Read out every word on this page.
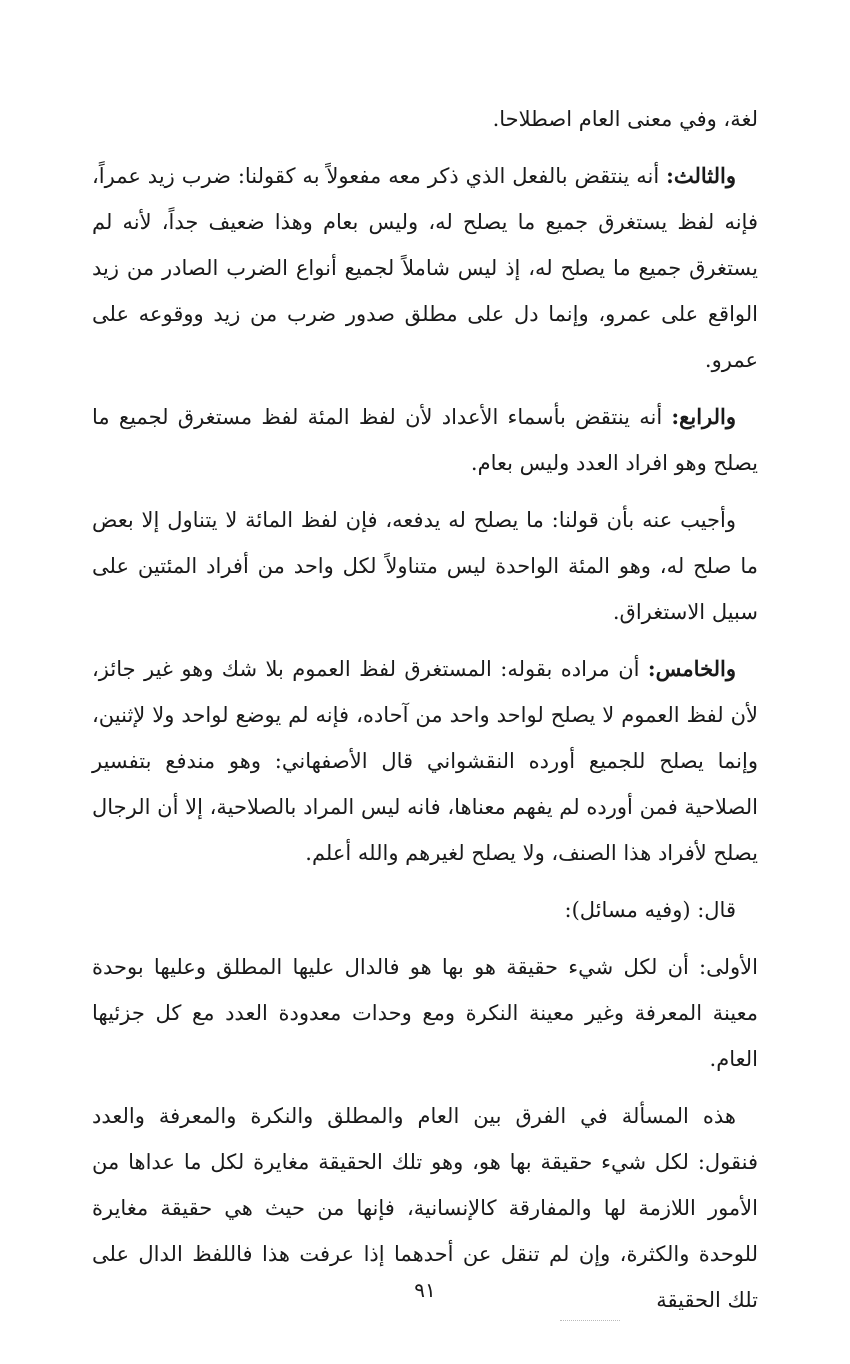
لغة، وفي معنى العام اصطلاحا.

والثالث: أنه ينتقض بالفعل الذي ذكر معه مفعولاً به كقولنا: ضرب زيد عمراً، فإنه لفظ يستغرق جميع ما يصلح له، وليس بعام وهذا ضعيف جداً، لأنه لم يستغرق جميع ما يصلح له، إذ ليس شاملاً لجميع أنواع الضرب الصادر من زيد الواقع على عمرو، وإنما دل على مطلق صدور ضرب من زيد ووقوعه على عمرو.

والرابع: أنه ينتقض بأسماء الأعداد لأن لفظ المئة لفظ مستغرق لجميع ما يصلح وهو افراد العدد وليس بعام.

وأجيب عنه بأن قولنا: ما يصلح له يدفعه، فإن لفظ المائة لا يتناول إلا بعض ما صلح له، وهو المئة الواحدة ليس متناولاً لكل واحد من أفراد المئتين على سبيل الاستغراق.

والخامس: أن مراده بقوله: المستغرق لفظ العموم بلا شك وهو غير جائز، لأن لفظ العموم لا يصلح لواحد واحد من آحاده، فإنه لم يوضع لواحد ولا لإثنين، وإنما يصلح للجميع أورده النقشواني قال الأصفهاني: وهو مندفع بتفسير الصلاحية فمن أورده لم يفهم معناها، فانه ليس المراد بالصلاحية، إلا أن الرجال يصلح لأفراد هذا الصنف، ولا يصلح لغيرهم والله أعلم.

قال: (وفيه مسائل):

الأولى: أن لكل شيء حقيقة هو بها هو فالدال عليها المطلق وعليها بوحدة معينة المعرفة وغير معينة النكرة ومع وحدات معدودة العدد مع كل جزئيها العام.

هذه المسألة في الفرق بين العام والمطلق والنكرة والمعرفة والعدد فنقول: لكل شيء حقيقة بها هو، وهو تلك الحقيقة مغايرة لكل ما عداها من الأمور اللازمة لها والمفارقة كالإنسانية، فإنها من حيث هي حقيقة مغايرة للوحدة والكثرة، وإن لم تنقل عن أحدهما إذا عرفت هذا فاللفظ الدال على تلك الحقيقة

٩١
